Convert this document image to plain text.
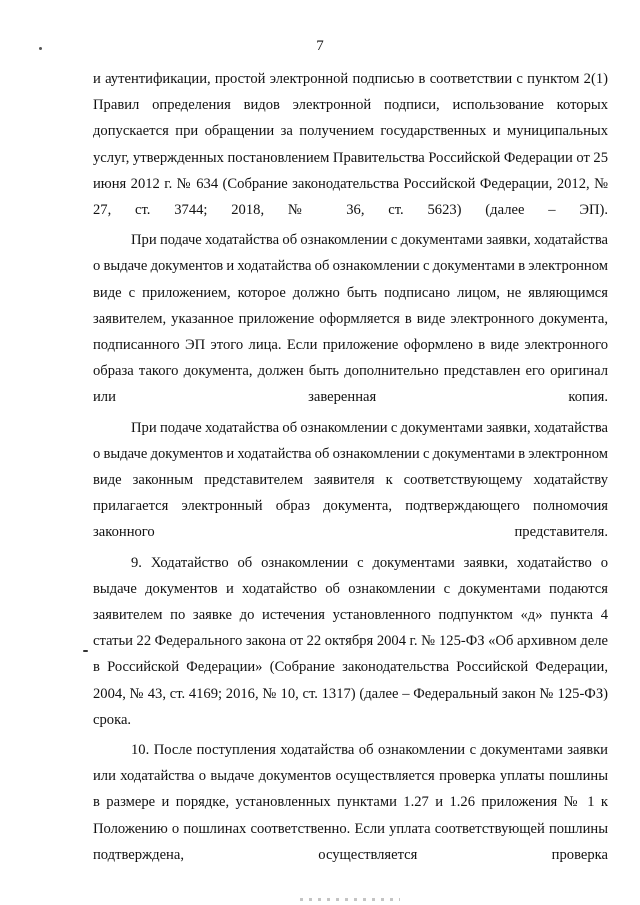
7

и аутентификации, простой электронной подписью в соответствии с пунктом 2(1) Правил определения видов электронной подписи, использование которых допускается при обращении за получением государственных и муниципальных услуг, утвержденных постановлением Правительства Российской Федерации от 25 июня 2012 г. № 634 (Собрание законодательства Российской Федерации, 2012, № 27, ст. 3744; 2018, № 36, ст. 5623) (далее – ЭП).

При подаче ходатайства об ознакомлении с документами заявки, ходатайства о выдаче документов и ходатайства об ознакомлении с документами в электронном виде с приложением, которое должно быть подписано лицом, не являющимся заявителем, указанное приложение оформляется в виде электронного документа, подписанного ЭП этого лица. Если приложение оформлено в виде электронного образа такого документа, должен быть дополнительно представлен его оригинал или заверенная копия.

При подаче ходатайства об ознакомлении с документами заявки, ходатайства о выдаче документов и ходатайства об ознакомлении с документами в электронном виде законным представителем заявителя к соответствующему ходатайству прилагается электронный образ документа, подтверждающего полномочия законного представителя.

9. Ходатайство об ознакомлении с документами заявки, ходатайство о выдаче документов и ходатайство об ознакомлении с документами подаются заявителем по заявке до истечения установленного подпунктом «д» пункта 4 статьи 22 Федерального закона от 22 октября 2004 г. № 125-ФЗ «Об архивном деле в Российской Федерации» (Собрание законодательства Российской Федерации, 2004, № 43, ст. 4169; 2016, № 10, ст. 1317) (далее – Федеральный закон № 125-ФЗ) срока.

10. После поступления ходатайства об ознакомлении с документами заявки или ходатайства о выдаче документов осуществляется проверка уплаты пошлины в размере и порядке, установленных пунктами 1.27 и 1.26 приложения № 1 к Положению о пошлинах соответственно. Если уплата соответствующей пошлины подтверждена, осуществляется проверка
